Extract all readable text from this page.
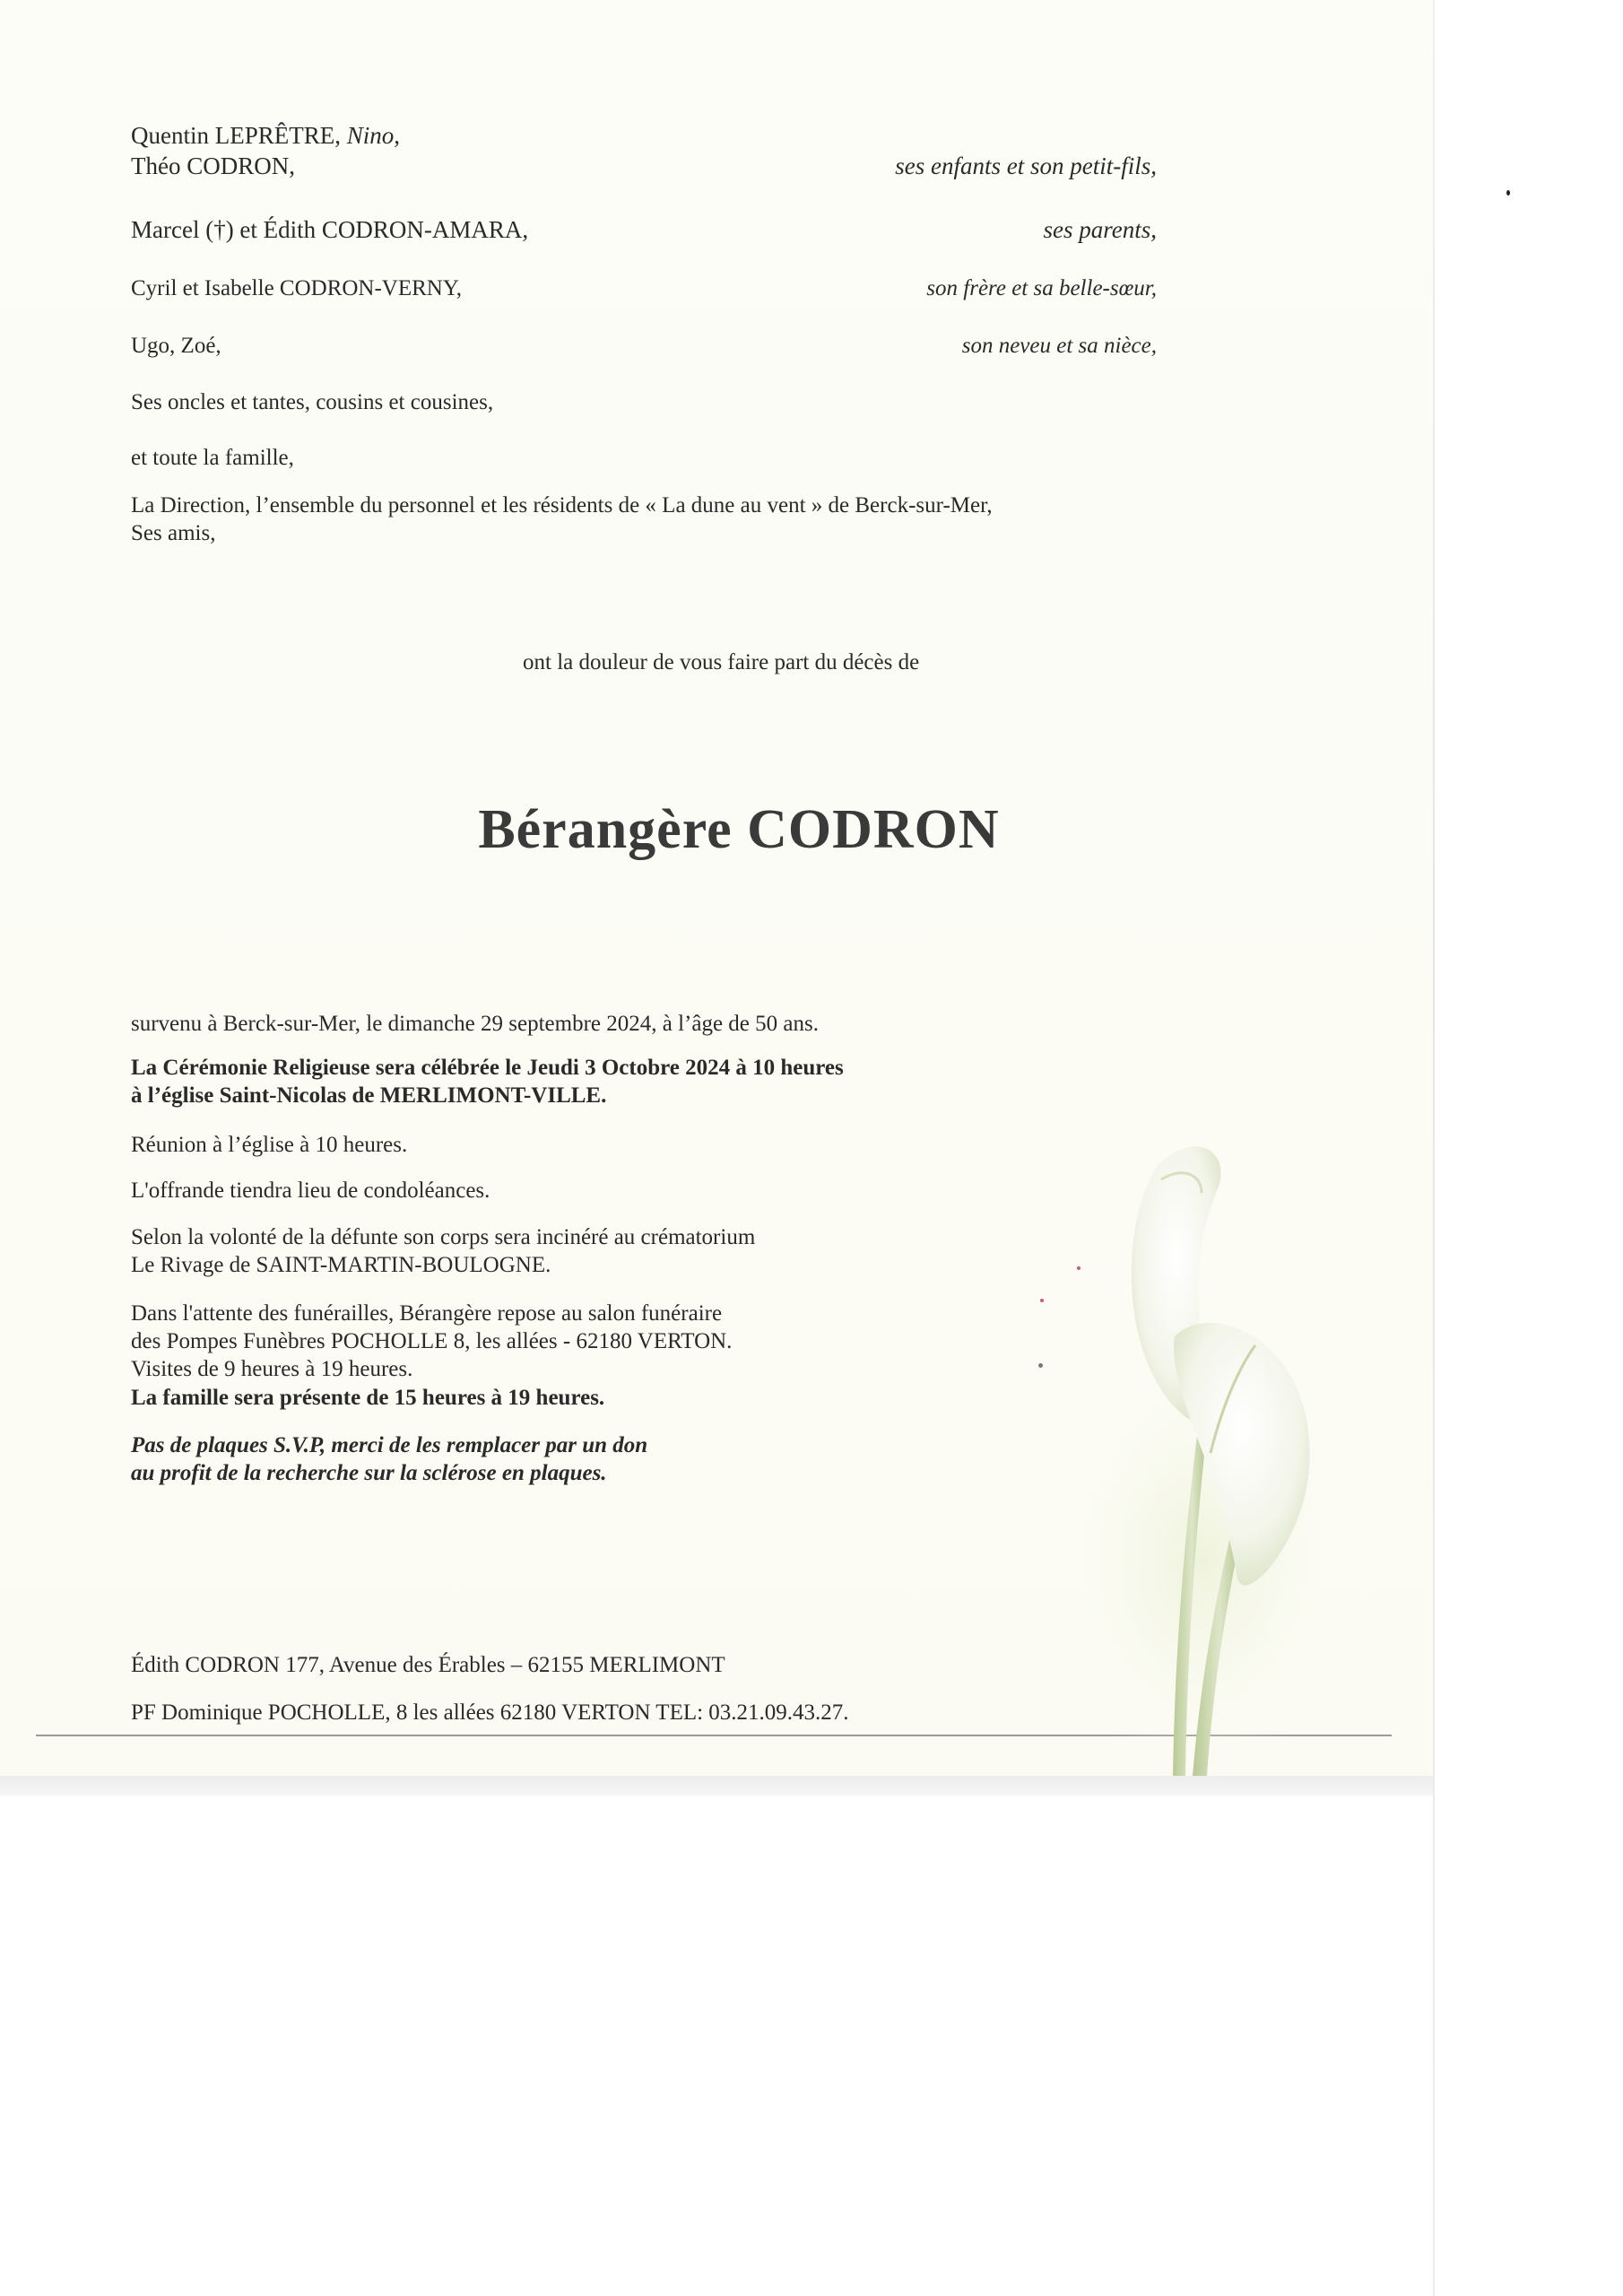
Quentin LEPRÊTRE, Nino,
Théo CODRON,	ses enfants et son petit-fils,
Marcel (†) et Édith CODRON-AMARA,	ses parents,
Cyril et Isabelle CODRON-VERNY,	son frère et sa belle-sœur,
Ugo, Zoé,	son neveu et sa nièce,
Ses oncles et tantes, cousins et cousines,
et toute la famille,
La Direction, l’ensemble du personnel et les résidents de « La dune au vent » de Berck-sur-Mer,
Ses amis,
ont la douleur de vous faire part du décès de
Bérangère CODRON
survenu à Berck-sur-Mer, le dimanche 29 septembre 2024, à l’âge de 50 ans.
La Cérémonie Religieuse sera célébrée le Jeudi 3 Octobre 2024 à 10 heures
à l’église Saint-Nicolas de MERLIMONT-VILLE.
Réunion à l’église à 10 heures.
L'offrande tiendra lieu de condoléances.
Selon la volonté de la défunte son corps sera incinéré au crématorium
Le Rivage de SAINT-MARTIN-BOULOGNE.
Dans l'attente des funérailles, Bérangère repose au salon funéraire
des Pompes Funèbres POCHOLLE 8, les allées - 62180 VERTON.
Visites de 9 heures à 19 heures.
La famille sera présente de 15 heures à 19 heures.
Pas de plaques S.V.P, merci de les remplacer par un don
au profit de la recherche sur la sclérose en plaques.
Édith CODRON 177, Avenue des Érables – 62155 MERLIMONT
PF Dominique POCHOLLE, 8 les allées 62180 VERTON TEL: 03.21.09.43.27.
